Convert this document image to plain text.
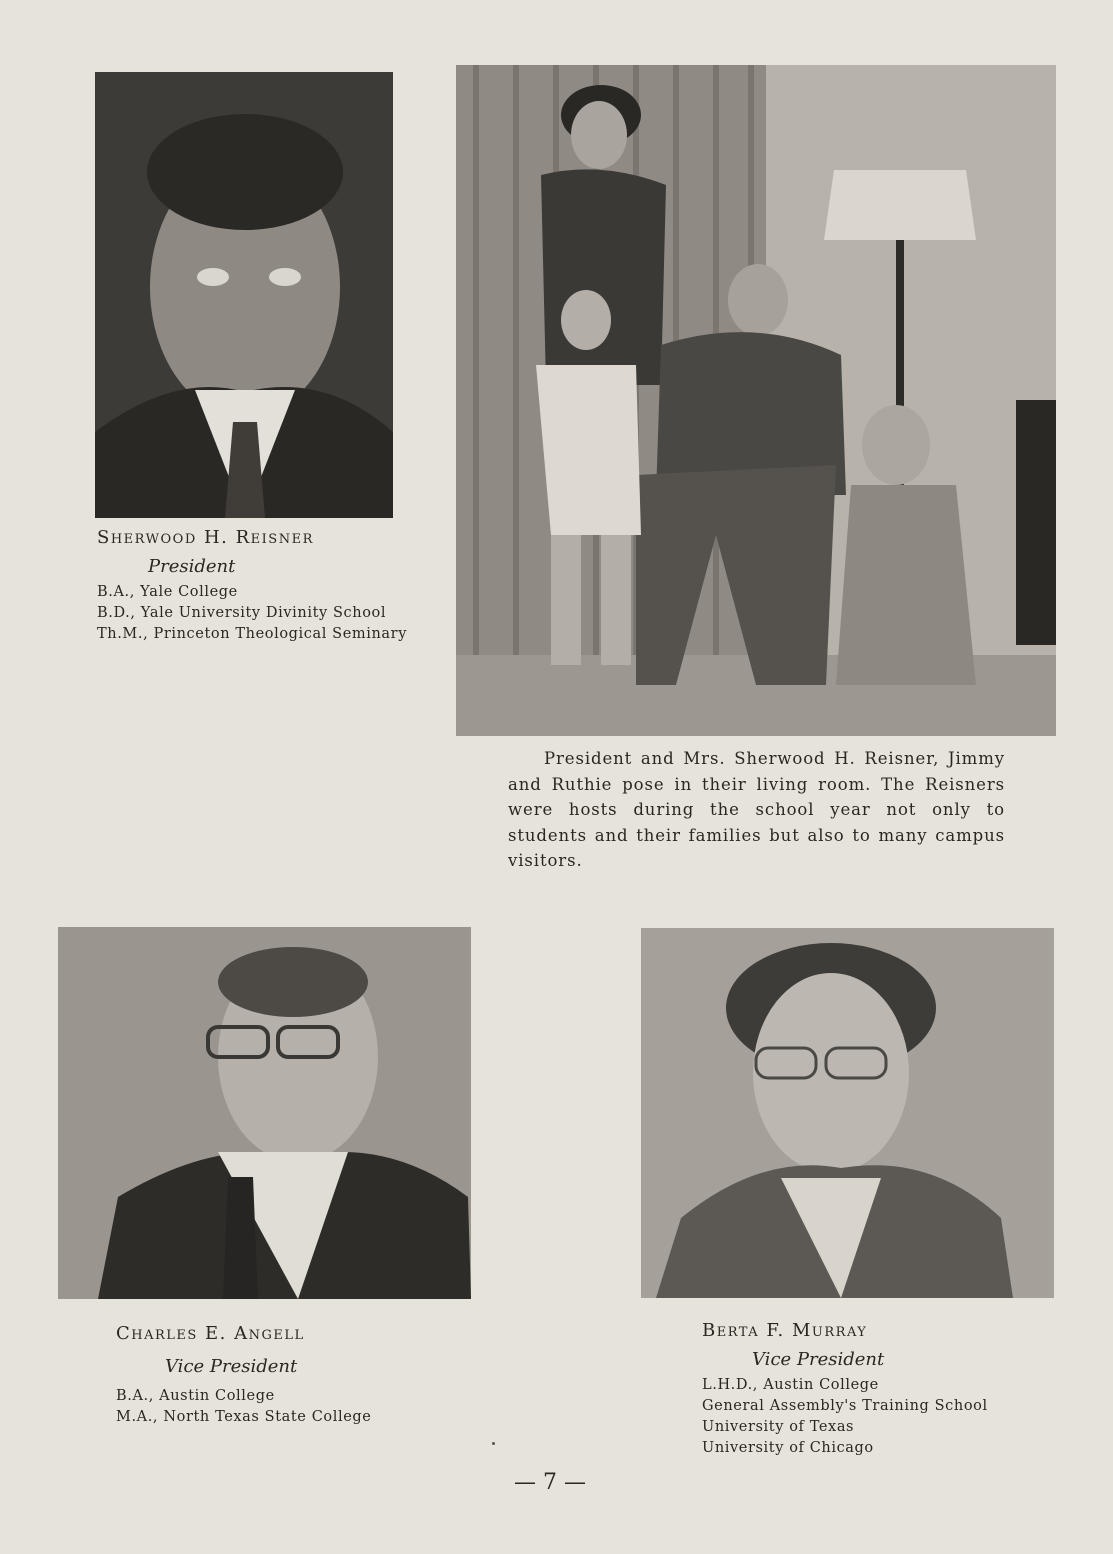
Sherwood H. Reisner
President
B.A., Yale College
B.D., Yale University Divinity School
Th.M., Princeton Theological Seminary

President and Mrs. Sherwood H. Reisner, Jimmy and Ruthie pose in their living room. The Reisners were hosts during the school year not only to students and their families but also to many campus visitors.

Charles E. Angell
Vice President
B.A., Austin College
M.A., North Texas State College
Berta F. Murray
Vice President
L.H.D., Austin College
General Assembly's Training School
University of Texas
University of Chicago
— 7 —
